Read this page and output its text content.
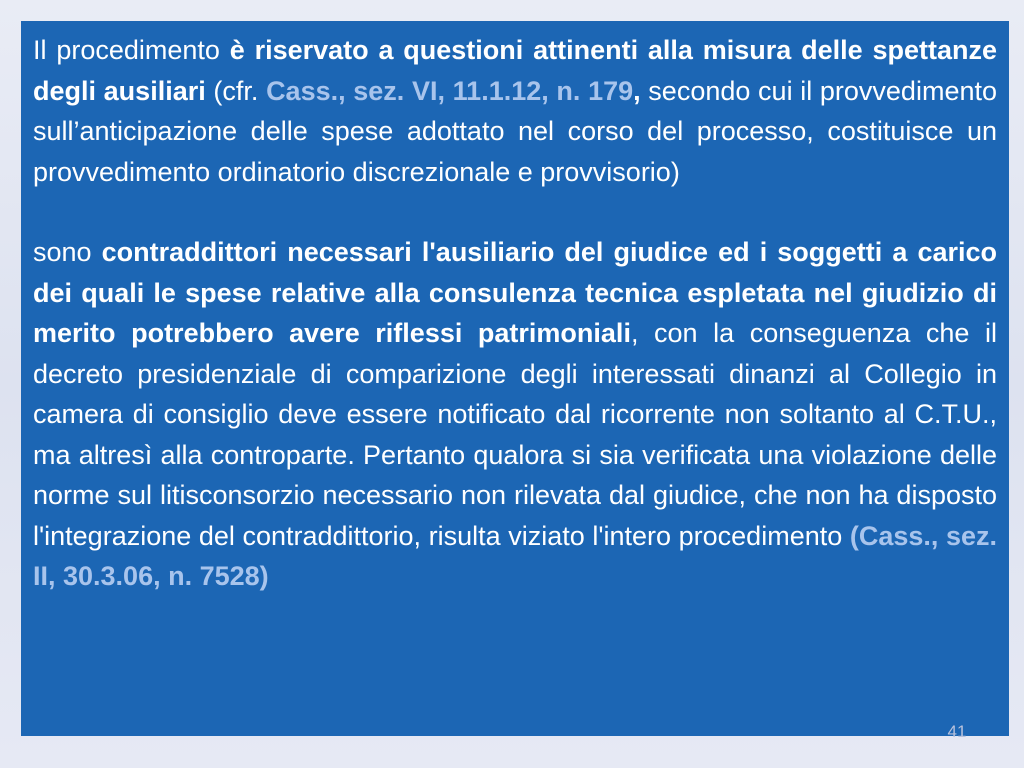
Il procedimento è riservato a questioni attinenti alla misura delle spettanze degli ausiliari (cfr. Cass., sez. VI, 11.1.12, n. 179, secondo cui il provvedimento sull’anticipazione delle spese adottato nel corso del processo, costituisce un provvedimento ordinatorio discrezionale e provvisorio)

sono contraddittori necessari l'ausiliario del giudice ed i soggetti a carico dei quali le spese relative alla consulenza tecnica espletata nel giudizio di merito potrebbero avere riflessi patrimoniali, con la conseguenza che il decreto presidenziale di comparizione degli interessati dinanzi al Collegio in camera di consiglio deve essere notificato dal ricorrente non soltanto al C.T.U., ma altresì alla controparte. Pertanto qualora si sia verificata una violazione delle norme sul litisconsorzio necessario non rilevata dal giudice, che non ha disposto l'integrazione del contraddittorio, risulta viziato l'intero procedimento (Cass., sez. II, 30.3.06, n. 7528)

41
